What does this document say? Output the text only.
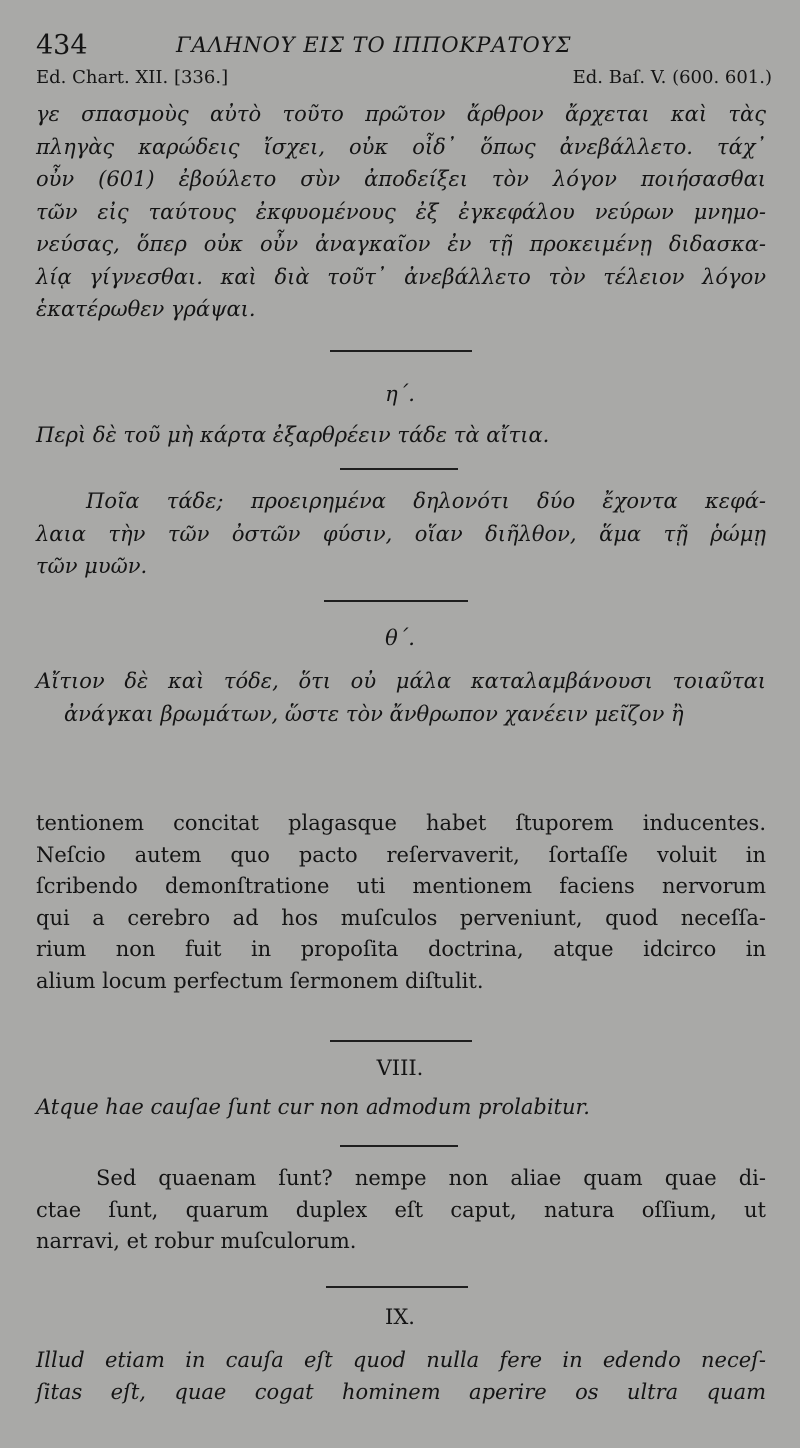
434	ΓΑΛΗΝΟΥ ΕΙΣ ΤΟ ΙΠΠΟΚΡΑΤΟΥΣ
Ed. Chart. XII. [336.]	Ed. Baſ. V. (600. 601.)
γε σπασμοὺς αὐτὸ τοῦτο πρῶτον ἄρθρον ἄρχεται καὶ τὰς
πληγὰς καρώδεις ἴσχει, οὐκ οἶδ᾽ ὅπως ἀνεβάλλετο. τάχ᾽
οὖν (601) ἐβούλετο σὺν ἀποδείξει τὸν λόγον ποιήσασθαι
τῶν εἰς ταύτους ἐκφυομένους ἐξ ἐγκεφάλου νεύρων μνημο-
νεύσας, ὅπερ οὐκ οὖν ἀναγκαῖον ἐν τῇ προκειμένῃ διδασκα-
λίᾳ γίγνεσθαι. καὶ διὰ τοῦτ᾽ ἀνεβάλλετο τὸν τέλειον λόγον
ἑκατέρωθεν γράψαι.
η΄.
Περὶ δὲ τοῦ μὴ κάρτα ἐξαρθρέειν τάδε τὰ αἴτια.
Ποῖα τάδε; προειρημένα δηλονότι δύο ἔχοντα κεφά-
λαια τὴν τῶν ὀστῶν φύσιν, οἵαν διῆλθον, ἅμα τῇ ῥώμῃ
τῶν μυῶν.
θ΄.
Αἴτιον δὲ καὶ τόδε, ὅτι οὐ μάλα καταλαμβάνουσι τοιαῦται
ἀνάγκαι βρωμάτων, ὥστε τὸν ἄνθρωπον χανέειν μεῖζον ἢ
tentionem concitat plagasque habet ſtuporem inducentes.
Neſcio autem quo pacto reſervaverit, ſortaſſe voluit in
ſcribendo demonſtratione uti mentionem faciens nervorum
qui a cerebro ad hos muſculos perveniunt, quod neceſſa-
rium non fuit in propoſita doctrina, atque idcirco in
alium locum perfectum ſermonem diſtulit.
VIII.
Atque hae cauſae ſunt cur non admodum prolabitur.
Sed quaenam ſunt? nempe non aliae quam quae di-
ctae ſunt, quarum duplex eſt caput, natura oſſium, ut
narravi, et robur muſculorum.
IX.
Illud etiam in cauſa eſt quod nulla fere in edendo neceſ-
ſitas eſt, quae cogat hominem aperire os ultra quam
